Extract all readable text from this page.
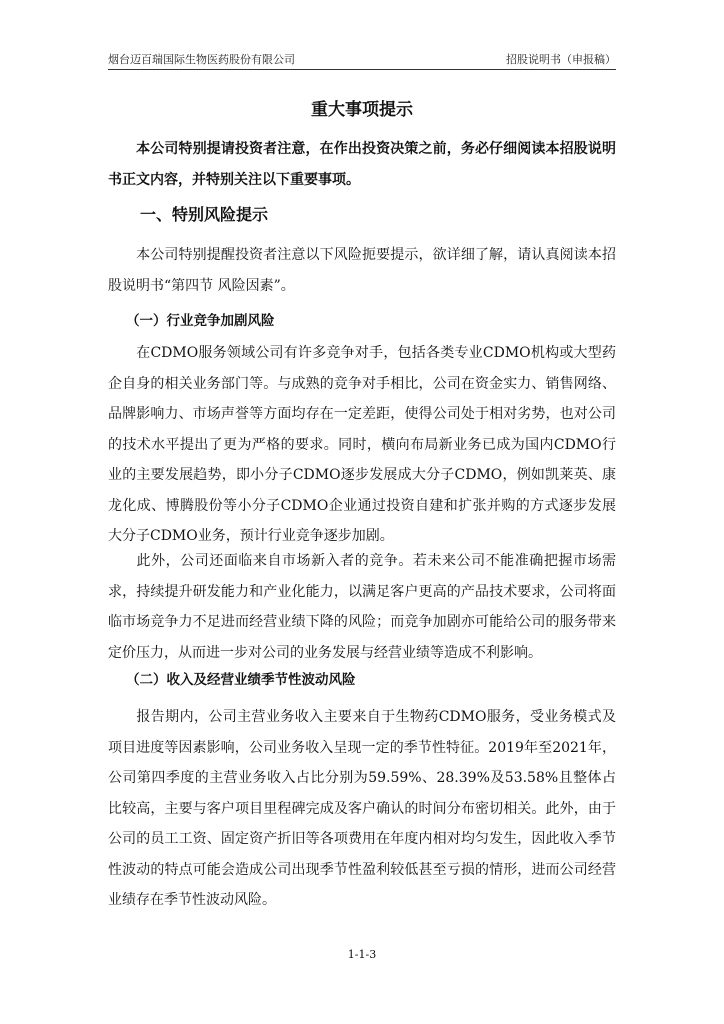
烟台迈百瑞国际生物医药股份有限公司	招股说明书（申报稿）
重大事项提示

本公司特别提请投资者注意，在作出投资决策之前，务必仔细阅读本招股说明书正文内容，并特别关注以下重要事项。

一、特别风险提示

本公司特别提醒投资者注意以下风险扼要提示，欲详细了解，请认真阅读本招股说明书“第四节 风险因素”。

（一）行业竞争加剧风险

在CDMO服务领域公司有许多竞争对手，包括各类专业CDMO机构或大型药企自身的相关业务部门等。与成熟的竞争对手相比，公司在资金实力、销售网络、品牌影响力、市场声誉等方面均存在一定差距，使得公司处于相对劣势，也对公司的技术水平提出了更为严格的要求。同时，横向布局新业务已成为国内CDMO行业的主要发展趋势，即小分子CDMO逐步发展成大分子CDMO，例如凯莱英、康龙化成、博腾股份等小分子CDMO企业通过投资自建和扩张并购的方式逐步发展大分子CDMO业务，预计行业竞争逐步加剧。

此外，公司还面临来自市场新入者的竞争。若未来公司不能准确把握市场需求，持续提升研发能力和产业化能力，以满足客户更高的产品技术要求，公司将面临市场竞争力不足进而经营业绩下降的风险；而竞争加剧亦可能给公司的服务带来定价压力，从而进一步对公司的业务发展与经营业绩等造成不利影响。

（二）收入及经营业绩季节性波动风险

报告期内，公司主营业务收入主要来自于生物药CDMO服务，受业务模式及项目进度等因素影响，公司业务收入呈现一定的季节性特征。2019年至2021年，公司第四季度的主营业务收入占比分别为59.59%、28.39%及53.58%且整体占比较高，主要与客户项目里程碑完成及客户确认的时间分布密切相关。此外，由于公司的员工工资、固定资产折旧等各项费用在年度内相对均匀发生，因此收入季节性波动的特点可能会造成公司出现季节性盈利较低甚至亏损的情形，进而公司经营业绩存在季节性波动风险。

1-1-3
